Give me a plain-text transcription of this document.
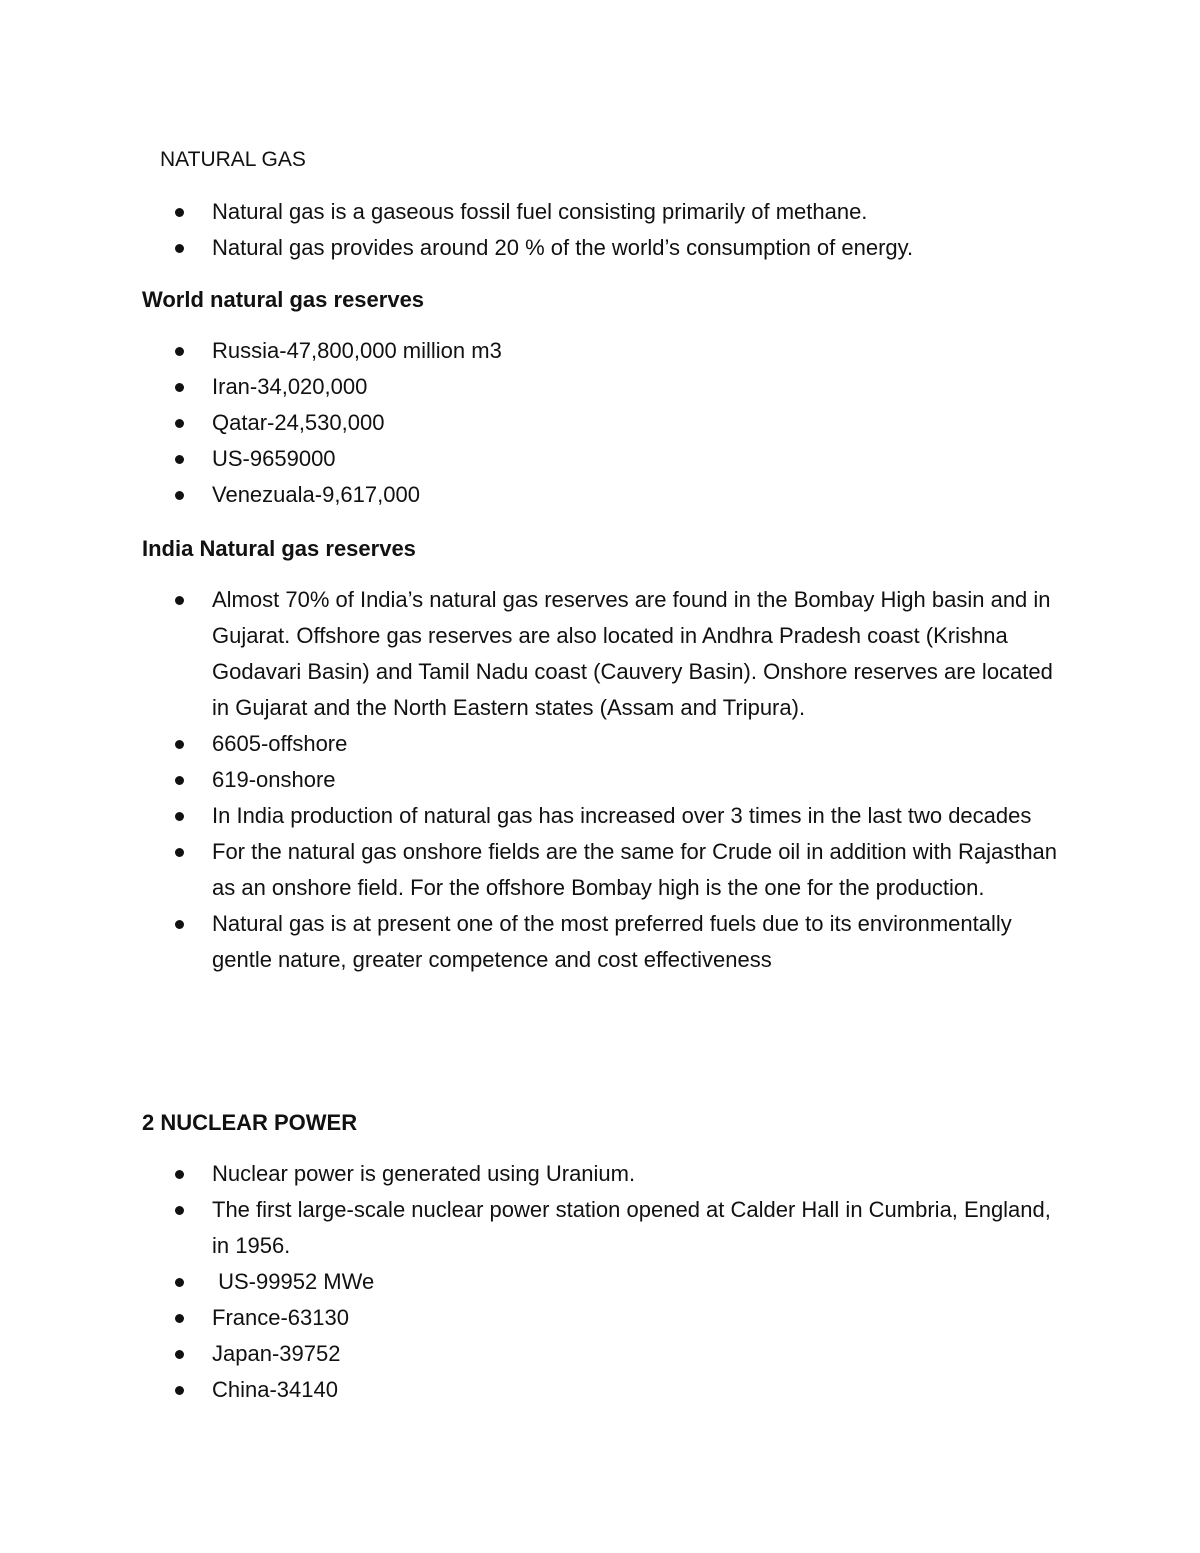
NATURAL GAS
Natural gas is a gaseous fossil fuel consisting primarily of methane.
Natural gas provides around 20 % of the world’s consumption of energy.
World natural gas reserves
Russia-47,800,000 million m3
Iran-34,020,000
Qatar-24,530,000
US-9659000
Venezuala-9,617,000
India Natural gas reserves
Almost 70% of India’s natural gas reserves are found in the Bombay High basin and in Gujarat. Offshore gas reserves are also located in Andhra Pradesh coast (Krishna Godavari Basin) and Tamil Nadu coast (Cauvery Basin). Onshore reserves are located in Gujarat and the North Eastern states (Assam and Tripura).
6605-offshore
619-onshore
In India production of natural gas has increased over 3 times in the last two decades
For the natural gas onshore fields are the same for Crude oil in addition with Rajasthan as an onshore field. For the offshore Bombay high is the one for the production.
Natural gas is at present one of the most preferred fuels due to its environmentally gentle nature, greater competence and cost effectiveness
2 NUCLEAR POWER
Nuclear power is generated using Uranium.
The first large-scale nuclear power station opened at Calder Hall in Cumbria, England, in 1956.
US-99952 MWe
France-63130
Japan-39752
China-34140
